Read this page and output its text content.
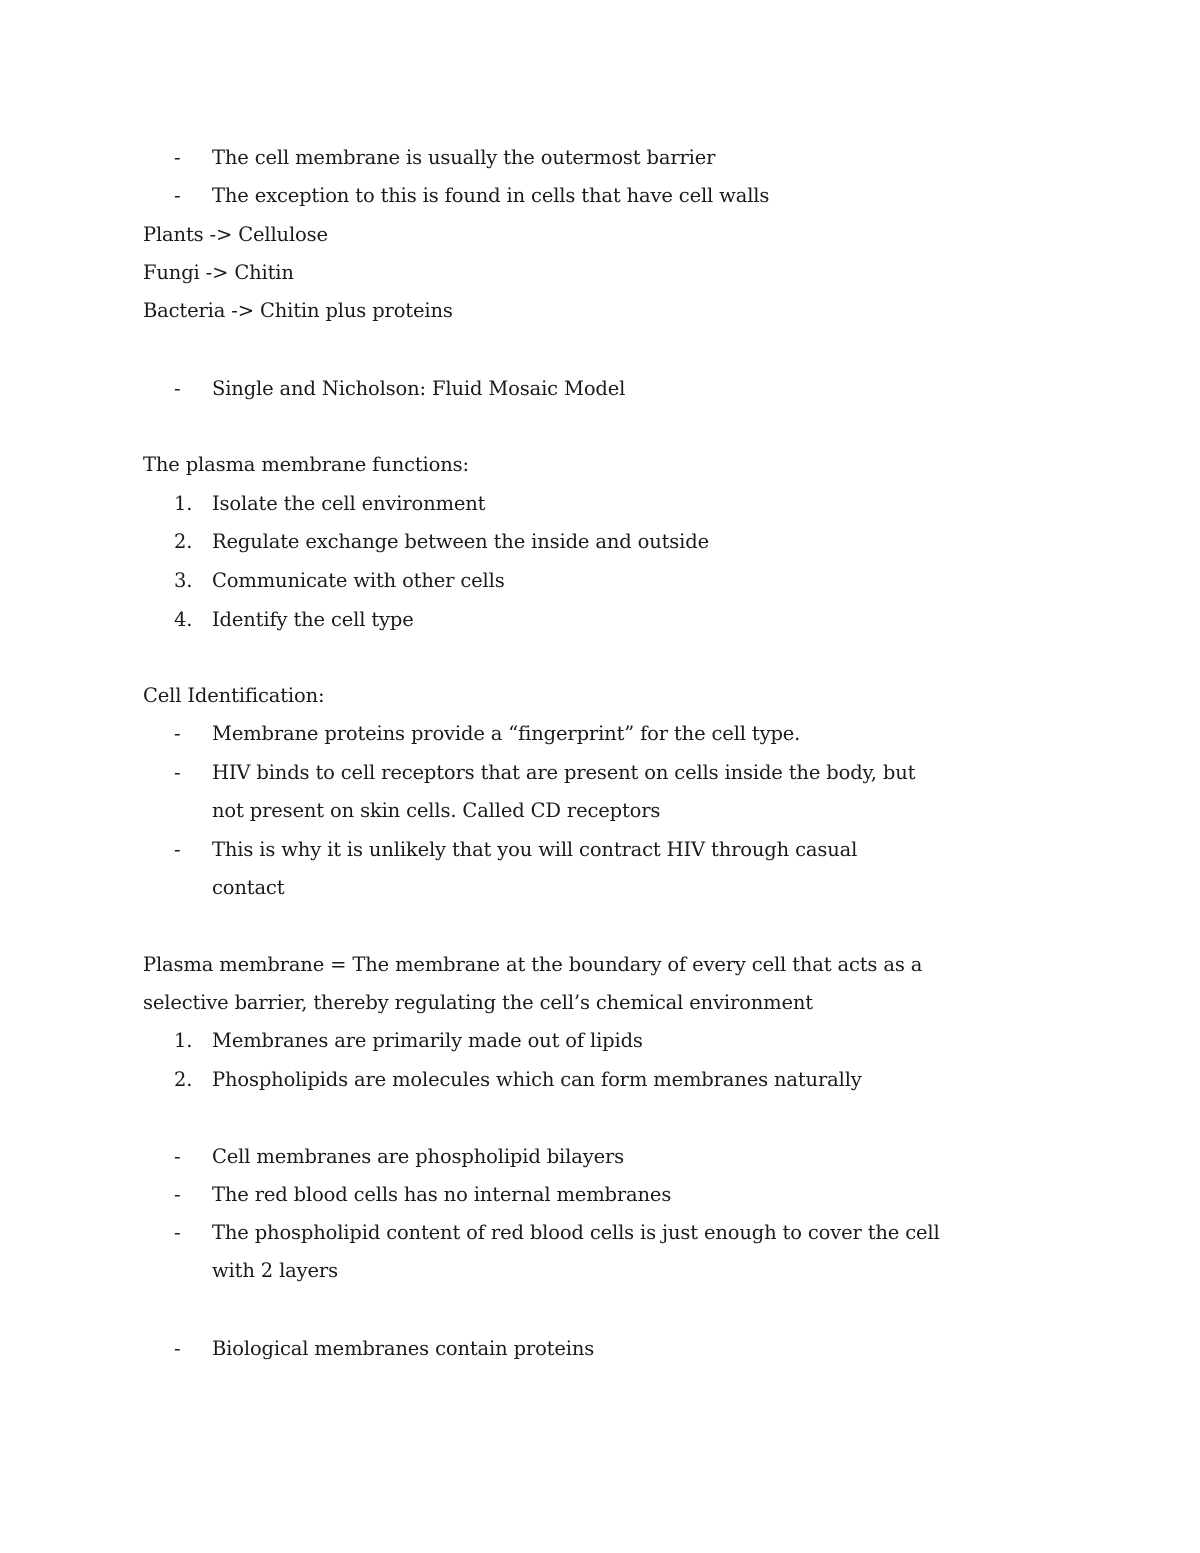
- The cell membrane is usually the outermost barrier
- The exception to this is found in cells that have cell walls
Plants -> Cellulose
Fungi -> Chitin
Bacteria -> Chitin plus proteins
- Single and Nicholson: Fluid Mosaic Model
The plasma membrane functions:
1. Isolate the cell environment
2. Regulate exchange between the inside and outside
3. Communicate with other cells
4. Identify the cell type
Cell Identification:
- Membrane proteins provide a “fingerprint” for the cell type.
- HIV binds to cell receptors that are present on cells inside the body, but
not present on skin cells. Called CD receptors
- This is why it is unlikely that you will contract HIV through casual
contact
Plasma membrane = The membrane at the boundary of every cell that acts as a
selective barrier, thereby regulating the cell’s chemical environment
1. Membranes are primarily made out of lipids
2. Phospholipids are molecules which can form membranes naturally
- Cell membranes are phospholipid bilayers
- The red blood cells has no internal membranes
- The phospholipid content of red blood cells is just enough to cover the cell
with 2 layers
- Biological membranes contain proteins
